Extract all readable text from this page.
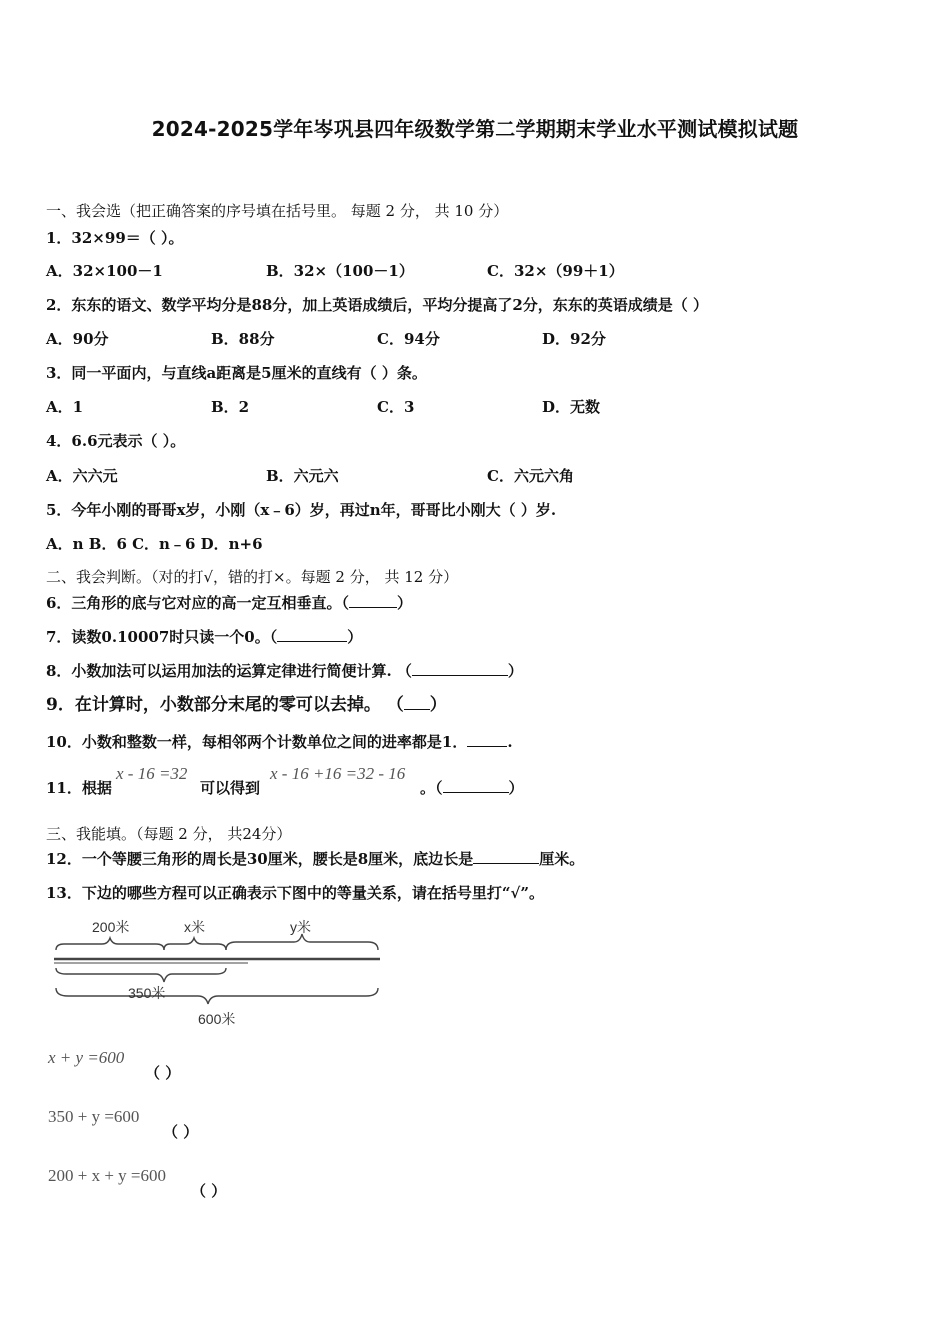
2024-2025学年岑巩县四年级数学第二学期期末学业水平测试模拟试题
一、我会选（把正确答案的序号填在括号里。 每题 2 分， 共 10 分）
1．32×99＝（ ）。
A．32×100－1	B．32×（100－1）	C．32×（99＋1）
2．东东的语文、数学平均分是88分，加上英语成绩后，平均分提高了2分，东东的英语成绩是（ ）
A．90分	B．88分	C．94分	D．92分
3．同一平面内，与直线a距离是5厘米的直线有（ ）条。
A．1	B．2	C．3	D．无数
4．6.6元表示（ ）。
A．六六元	B．六元六	C．六元六角
5．今年小刚的哥哥x岁，小刚（x﹣6）岁，再过n年，哥哥比小刚大（ ）岁.
A．n B．6 C．n﹣6 D．n+6
二、我会判断。（对的打√，错的打×。每题 2 分， 共 12 分）
6．三角形的底与它对应的高一定互相垂直。（	）
7．读数0.10007时只读一个0。（	）
8．小数加法可以运用加法的运算定律进行简便计算. （	）
9．在计算时，小数部分末尾的零可以去掉。 （ ）
10．小数和整数一样，每相邻两个计数单位之间的进率都是1．	.
11．根据
x - 16 =32
可以得到
x - 16 +16 =32 - 16
。（	）
三、我能填。（每题 2 分， 共24分）
12．一个等腰三角形的周长是30厘米，腰长是8厘米，底边长是	厘米。
13．下边的哪些方程可以正确表示下图中的等量关系，请在括号里打“√”。
200米	x米	y米
350米
600米
x + y =600
（ ）
350 + y =600
（ ）
200 + x + y =600
（ ）
